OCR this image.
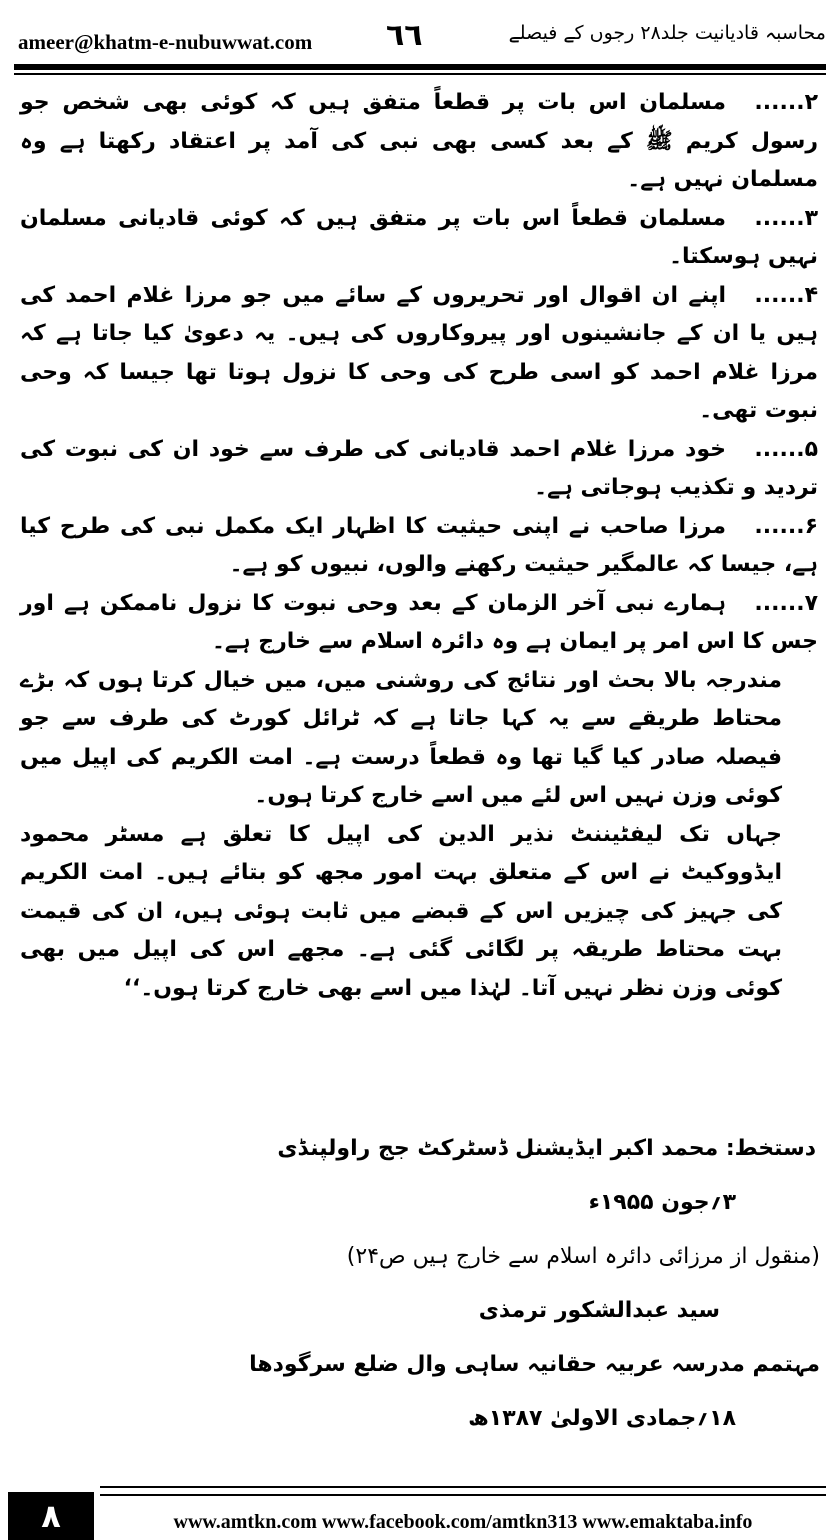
ameer@khatm-e-nubuwwat.com ٦٦	محاسبہ قادیانیت جلد۲۸ رجوں کے فیصلے

۲......مسلمان اس بات پر قطعاً متفق ہیں کہ کوئی بھی شخص جو رسول کریم ﷺ کے بعد کسی بھی نبی کی آمد پر اعتقاد رکھتا ہے وہ مسلمان نہیں ہے۔

۳......مسلمان قطعاً اس بات پر متفق ہیں کہ کوئی قادیانی مسلمان نہیں ہوسکتا۔

۴......اپنے ان اقوال اور تحریروں کے سائے میں جو مرزا غلام احمد کی ہیں یا ان کے جانشینوں اور پیروکاروں کی ہیں۔ یہ دعویٰ کیا جاتا ہے کہ مرزا غلام احمد کو اسی طرح کی وحی کا نزول ہوتا تھا جیسا کہ وحی نبوت تھی۔

۵......خود مرزا غلام احمد قادیانی کی طرف سے خود ان کی نبوت کی تردید و تکذیب ہوجاتی ہے۔

۶......مرزا صاحب نے اپنی حیثیت کا اظہار ایک مکمل نبی کی طرح کیا ہے، جیسا کہ عالمگیر حیثیت رکھنے والوں، نبیوں کو ہے۔

۷......ہمارے نبی آخر الزمان کے بعد وحی نبوت کا نزول ناممکن ہے اور جس کا اس امر پر ایمان ہے وہ دائرہ اسلام سے خارج ہے۔

مندرجہ بالا بحث اور نتائج کی روشنی میں، میں خیال کرتا ہوں کہ بڑے محتاط طریقے سے یہ کہا جاتا ہے کہ ٹرائل کورٹ کی طرف سے جو فیصلہ صادر کیا گیا تھا وہ قطعاً درست ہے۔ امت الکریم کی اپیل میں کوئی وزن نہیں اس لئے میں اسے خارج کرتا ہوں۔

جہاں تک لیفٹیننٹ نذیر الدین کی اپیل کا تعلق ہے مسٹر محمود ایڈووکیٹ نے اس کے متعلق بہت امور مجھ کو بتائے ہیں۔ امت الکریم کی جہیز کی چیزیں اس کے قبضے میں ثابت ہوئی ہیں، ان کی قیمت بہت محتاط طریقہ پر لگائی گئی ہے۔ مجھے اس کی اپیل میں بھی کوئی وزن نظر نہیں آتا۔ لہٰذا میں اسے بھی خارج کرتا ہوں۔‘‘

دستخط: محمد اکبر ایڈیشنل ڈسٹرکٹ جج راولپنڈی
۳؍جون ۱۹۵۵ء
(منقول از مرزائی دائرہ اسلام سے خارج ہیں ص۲۴)
سید عبدالشکور ترمذی
مہتمم مدرسہ عربیہ حقانیہ ساہی وال ضلع سرگودھا
۱۸؍جمادی الاولیٰ ۱۳۸۷ھ
٨	www.amtkn.com www.facebook.com/amtkn313 www.emaktaba.info
